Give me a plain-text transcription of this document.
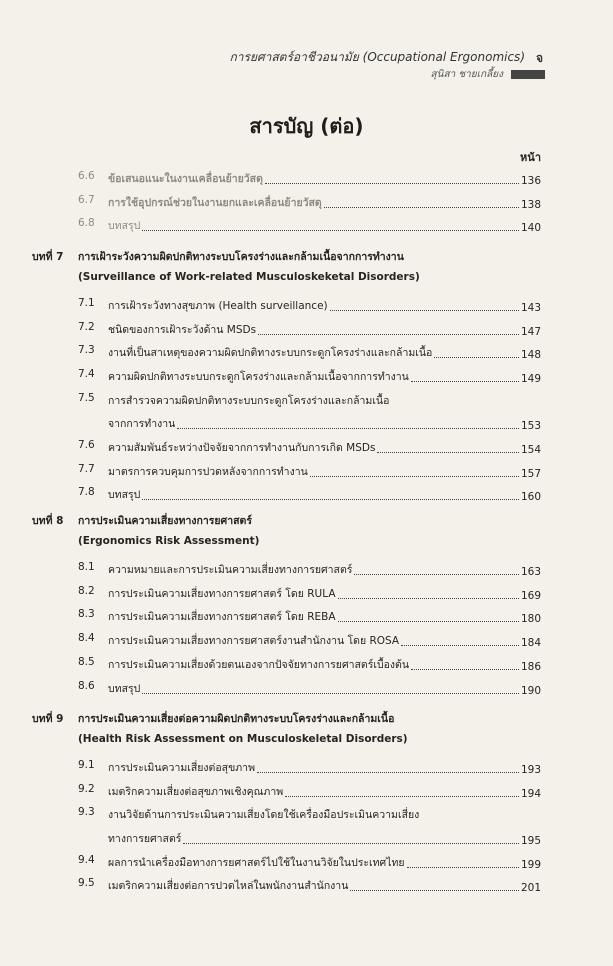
การยศาสตร์อาชีวอนามัย (Occupational Ergonomics) จ
สุนิสา ชายเกลี้ยง
สารบัญ (ต่อ)
หน้า
6.6	ข้อเสนอแนะในงานเคลื่อนย้ายวัสดุ	136
6.7	การใช้อุปกรณ์ช่วยในงานยกและเคลื่อนย้ายวัสดุ	138
6.8	บทสรุป	140
บทที่ 7 การเฝ้าระวังความผิดปกติทางระบบโครงร่างและกล้ามเนื้อจากการทำงาน
(Surveillance of Work-related Musculoskeketal Disorders)
7.1	การเฝ้าระวังทางสุขภาพ (Health surveillance)	143
7.2	ชนิดของการเฝ้าระวังด้าน MSDs	147
7.3	งานที่เป็นสาเหตุของความผิดปกติทางระบบกระดูกโครงร่างและกล้ามเนื้อ	148
7.4	ความผิดปกติทางระบบกระดูกโครงร่างและกล้ามเนื้อจากการทำงาน	149
7.5	การสำรวจความผิดปกติทางระบบกระดูกโครงร่างและกล้ามเนื้อ
จากการทำงาน	153
7.6	ความสัมพันธ์ระหว่างปัจจัยจากการทำงานกับการเกิด MSDs	154
7.7	มาตรการควบคุมการปวดหลังจากการทำงาน	157
7.8	บทสรุป	160
บทที่ 8 การประเมินความเสี่ยงทางการยศาสตร์
(Ergonomics Risk Assessment)
8.1	ความหมายและการประเมินความเสี่ยงทางการยศาสตร์	163
8.2	การประเมินความเสี่ยงทางการยศาสตร์ โดย RULA	169
8.3	การประเมินความเสี่ยงทางการยศาสตร์ โดย REBA	180
8.4	การประเมินความเสี่ยงทางการยศาสตร์งานสำนักงาน โดย ROSA	184
8.5	การประเมินความเสี่ยงด้วยตนเองจากปัจจัยทางการยศาสตร์เบื้องต้น	186
8.6	บทสรุป	190
บทที่ 9 การประเมินความเสี่ยงต่อความผิดปกติทางระบบโครงร่างและกล้ามเนื้อ
(Health Risk Assessment on Musculoskeletal Disorders)
9.1	การประเมินความเสี่ยงต่อสุขภาพ	193
9.2	เมตริกความเสี่ยงต่อสุขภาพเชิงคุณภาพ	194
9.3	งานวิจัยด้านการประเมินความเสี่ยงโดยใช้เครื่องมือประเมินความเสี่ยง
ทางการยศาสตร์	195
9.4	ผลการนำเครื่องมือทางการยศาสตร์ไปใช้ในงานวิจัยในประเทศไทย	199
9.5	เมตริกความเสี่ยงต่อการปวดไหล่ในพนักงานสำนักงาน	201
